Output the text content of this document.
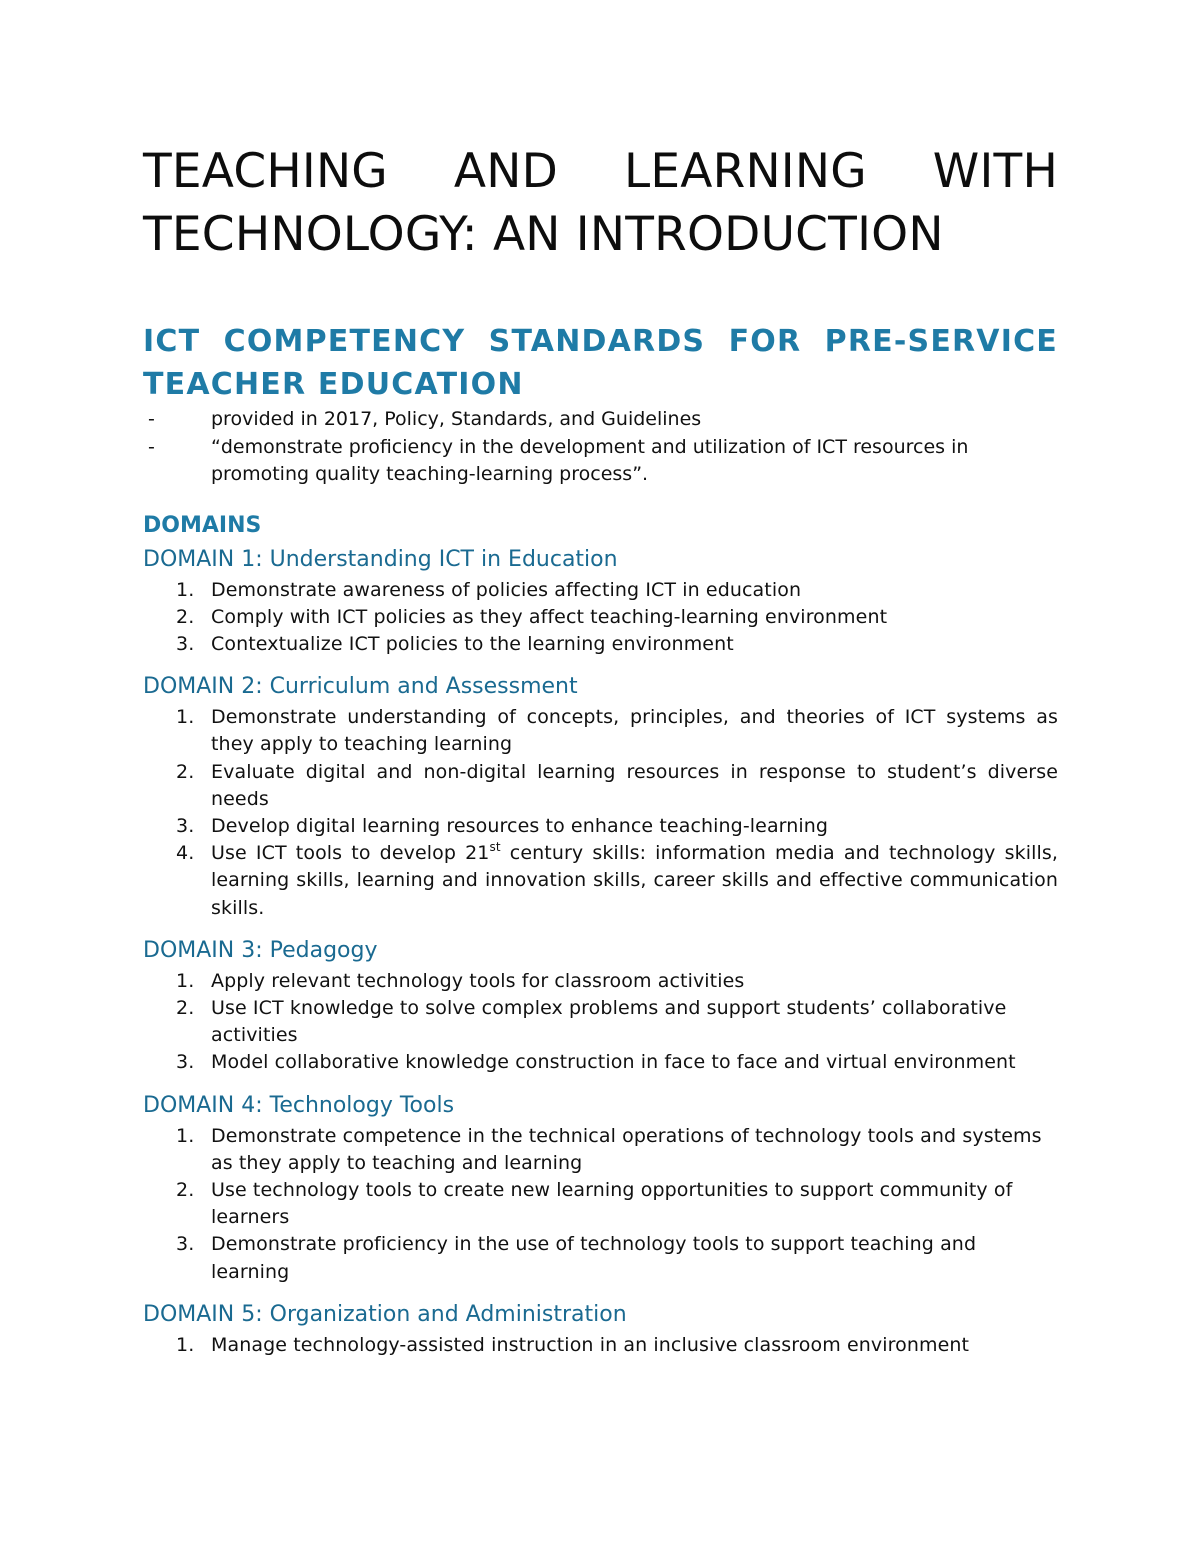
TEACHING AND LEARNING WITH
TECHNOLOGY: AN INTRODUCTION
ICT COMPETENCY STANDARDS FOR PRE-SERVICE
TEACHER EDUCATION
-	provided in 2017, Policy, Standards, and Guidelines
-	“demonstrate proficiency in the development and utilization of ICT resources in promoting quality teaching-learning process”.
DOMAINS
DOMAIN 1: Understanding ICT in Education
1. Demonstrate awareness of policies affecting ICT in education
2. Comply with ICT policies as they affect teaching-learning environment
3. Contextualize ICT policies to the learning environment
DOMAIN 2: Curriculum and Assessment
1. Demonstrate understanding of concepts, principles, and theories of ICT systems as they apply to teaching learning
2. Evaluate digital and non-digital learning resources in response to student’s diverse needs
3. Develop digital learning resources to enhance teaching-learning
4. Use ICT tools to develop 21st century skills: information media and technology skills, learning skills, learning and innovation skills, career skills and effective communication skills.
DOMAIN 3: Pedagogy
1. Apply relevant technology tools for classroom activities
2. Use ICT knowledge to solve complex problems and support students’ collaborative activities
3. Model collaborative knowledge construction in face to face and virtual environment
DOMAIN 4: Technology Tools
1. Demonstrate competence in the technical operations of technology tools and systems as they apply to teaching and learning
2. Use technology tools to create new learning opportunities to support community of learners
3. Demonstrate proficiency in the use of technology tools to support teaching and learning
DOMAIN 5: Organization and Administration
1. Manage technology-assisted instruction in an inclusive classroom environment
